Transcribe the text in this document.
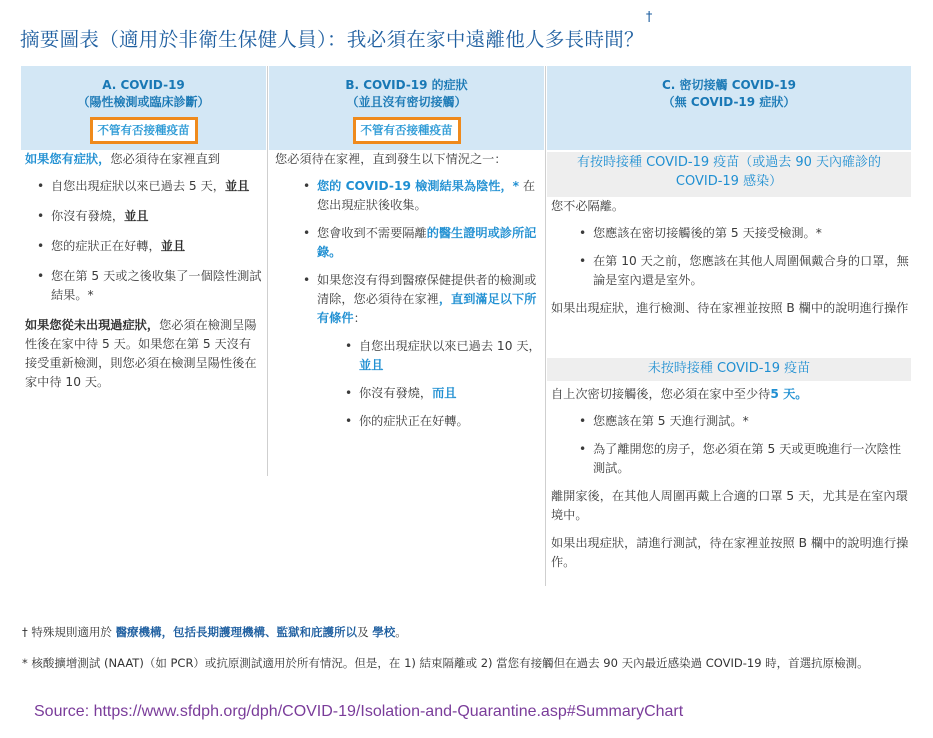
摘要圖表（適用於非衛生保健人員）：我必須在家中遠離他人多長時間？†
A. COVID-19
（陽性檢測或臨床診斷）
不管有否接種疫苗
B. COVID-19 的症狀
（並且沒有密切接觸）
不管有否接種疫苗
C. 密切接觸 COVID-19
（無 COVID-19 症狀）
如果您有症狀，您必須待在家裡直到
• 自您出現症狀以來已過去 5 天，並且
• 你沒有發燒，並且
• 您的症狀正在好轉，並且
• 您在第 5 天或之後收集了一個陰性測試結果。*
如果您從未出現過症狀，您必須在檢測呈陽性後在家中待 5 天。如果您在第 5 天沒有接受重新檢測，則您必須在檢測呈陽性後在家中待 10 天。
您必須待在家裡，直到發生以下情況之一：
• 您的 COVID-19 檢測結果為陰性，* 在您出現症狀後收集。
• 您會收到不需要隔離的醫生證明或診所記錄。
• 如果您沒有得到醫療保健提供者的檢測或清除，您必須待在家裡，直到滿足以下所有條件：
• 自您出現症狀以來已過去 10 天，並且
• 你沒有發燒，而且
• 你的症狀正在好轉。
有按時接種 COVID-19 疫苗（或過去 90 天內確診的 COVID-19 感染）
您不必隔離。
• 您應該在密切接觸後的第 5 天接受檢測。*
• 在第 10 天之前，您應該在其他人周圍佩戴合身的口罩，無論是室內還是室外。
如果出現症狀，進行檢測、待在家裡並按照 B 欄中的說明進行操作
未按時接種 COVID-19 疫苗
自上次密切接觸後，您必須在家中至少待5 天。
• 您應該在第 5 天進行測試。*
• 為了離開您的房子，您必須在第 5 天或更晚進行一次陰性測試。
離開家後，在其他人周圍再戴上合適的口罩 5 天，尤其是在室內環境中。
如果出現症狀，請進行測試，待在家裡並按照 B 欄中的說明進行操作。
† 特殊規則適用於 醫療機構，包括長期護理機構、監獄和庇護所以及 學校。
* 核酸擴增測試 (NAAT)（如 PCR）或抗原測試適用於所有情況。但是，在 1) 結束隔離或 2) 當您有接觸但在過去 90 天內最近感染過 COVID-19 時，首選抗原檢測。
Source: https://www.sfdph.org/dph/COVID-19/Isolation-and-Quarantine.asp#SummaryChart
